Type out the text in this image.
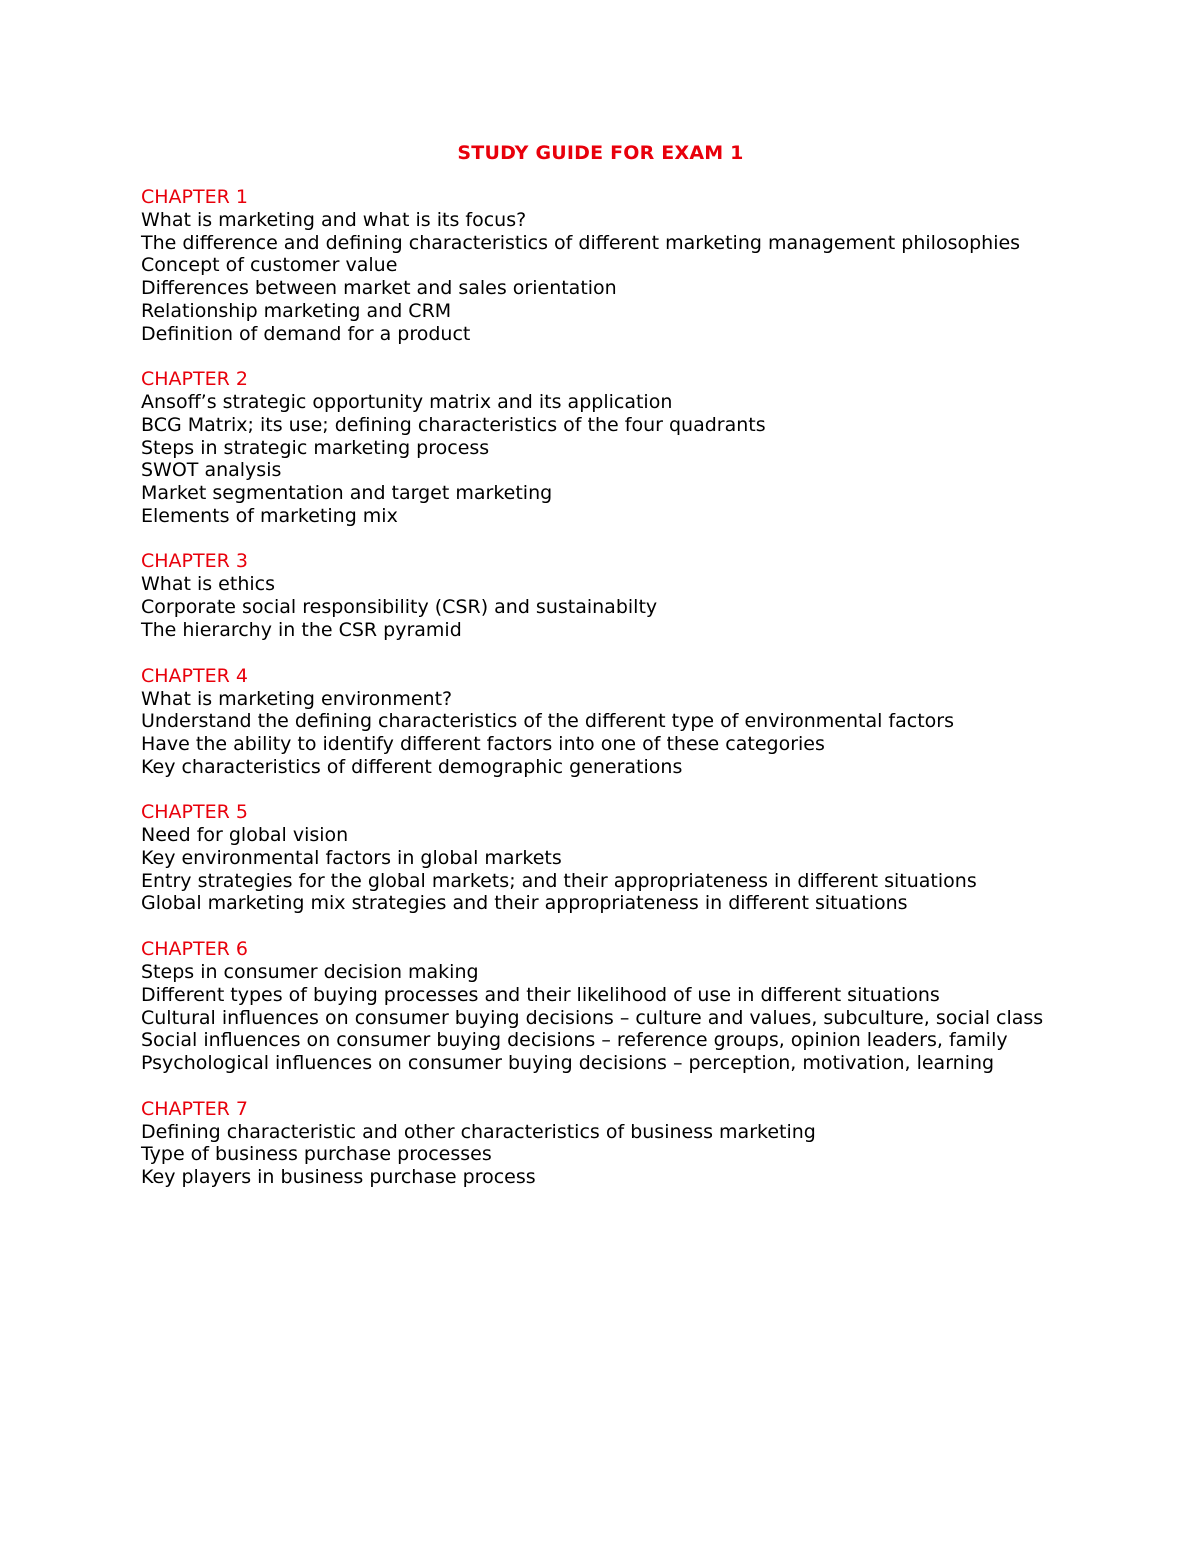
STUDY GUIDE FOR EXAM 1
CHAPTER 1
What is marketing and what is its focus?
The difference and defining characteristics of different marketing management philosophies
Concept of customer value
Differences between market and sales orientation
Relationship marketing and CRM
Definition of demand for a product
CHAPTER 2
Ansoff’s strategic opportunity matrix and its application
BCG Matrix; its use; defining characteristics of the four quadrants
Steps in strategic marketing process
SWOT analysis
Market segmentation and target marketing
Elements of marketing mix
CHAPTER 3
What is ethics
Corporate social responsibility (CSR) and sustainabilty
The hierarchy in the CSR pyramid
CHAPTER 4
What is marketing environment?
Understand the defining characteristics of the different type of environmental factors
Have the ability to identify different factors into one of these categories
Key characteristics of different demographic generations
CHAPTER 5
Need for global vision
Key environmental factors in global markets
Entry strategies for the global markets; and their appropriateness in different situations
Global marketing mix strategies and their appropriateness in different situations
CHAPTER 6
Steps in consumer decision making
Different types of buying processes and their likelihood of use in different situations
Cultural influences on consumer buying decisions – culture and values, subculture, social class
Social influences on consumer buying decisions – reference groups, opinion leaders, family
Psychological influences on consumer buying decisions – perception, motivation, learning
CHAPTER 7
Defining characteristic and other characteristics of business marketing
Type of business purchase processes
Key players in business purchase process
